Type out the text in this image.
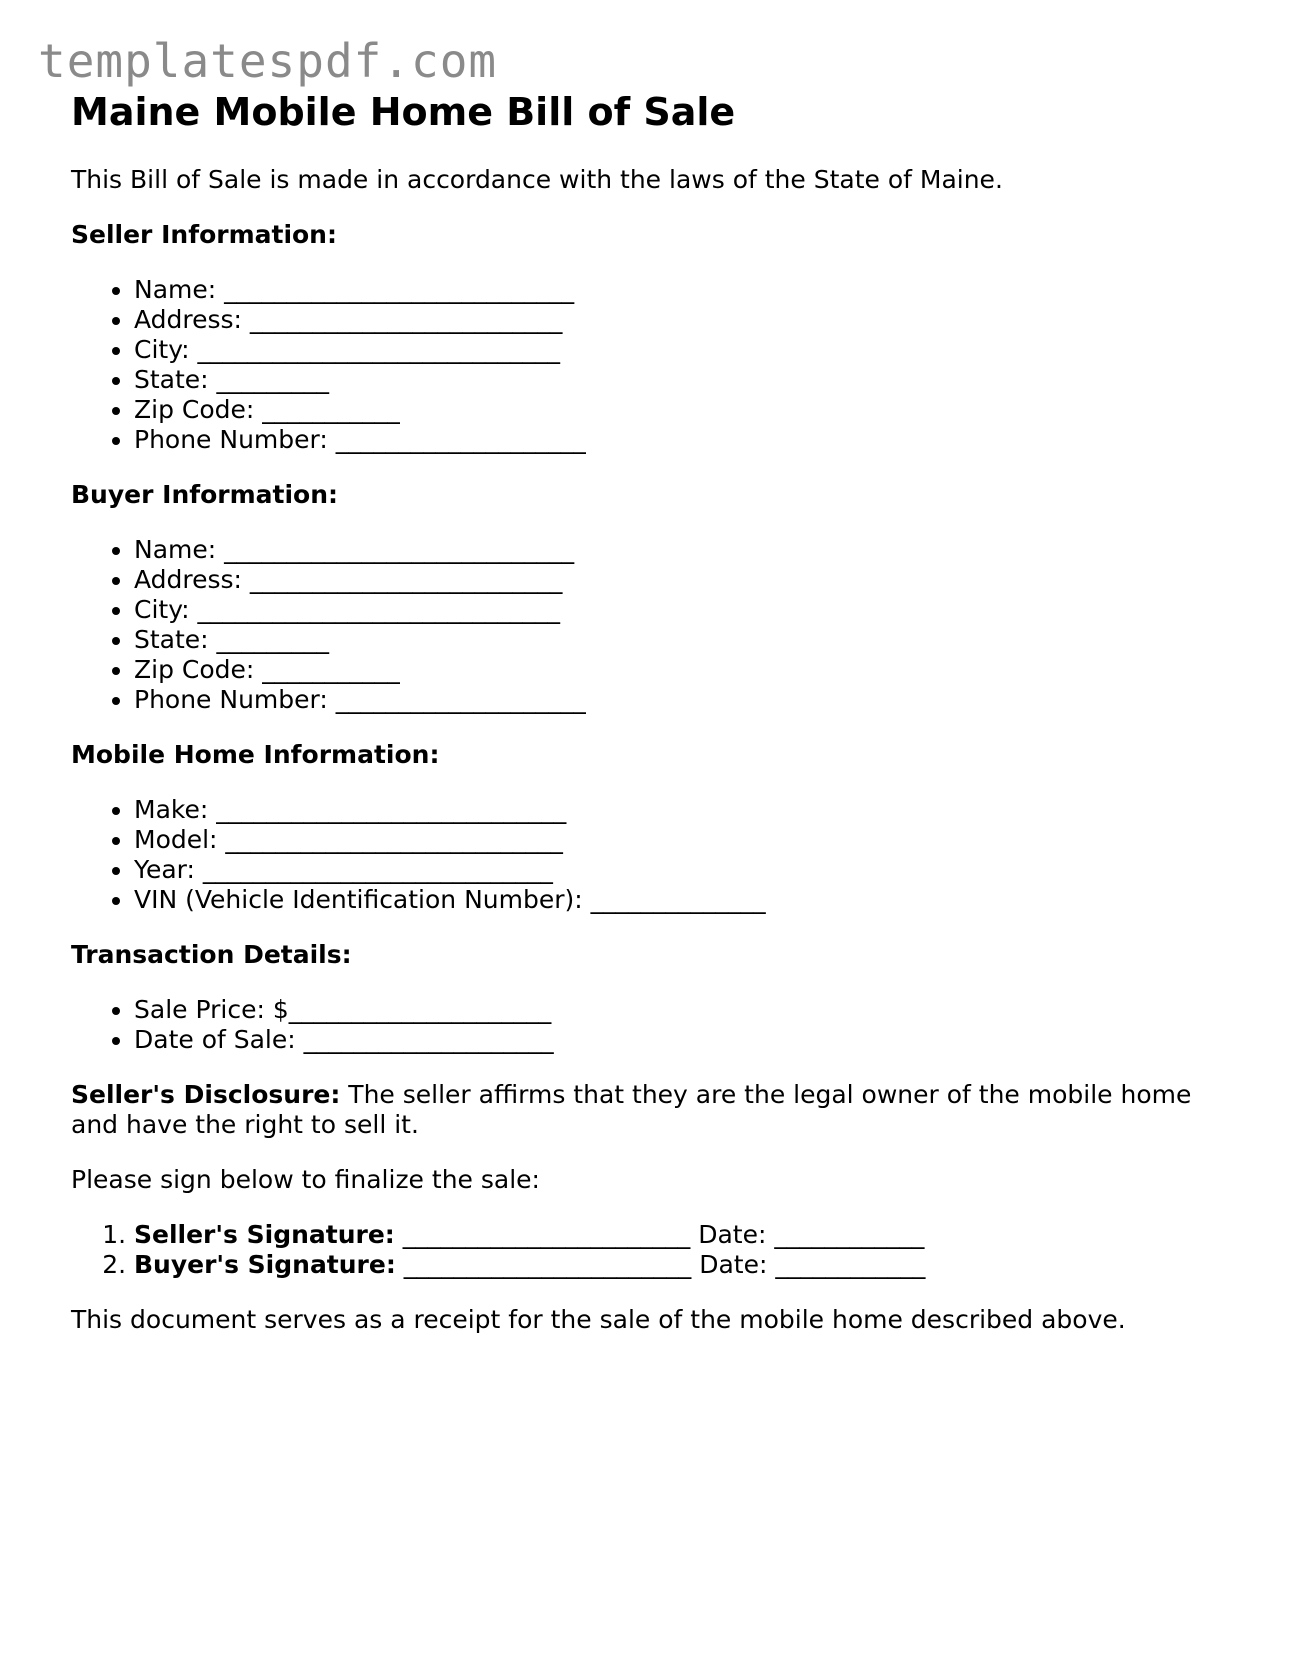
templatespdf.com
Maine Mobile Home Bill of Sale

This Bill of Sale is made in accordance with the laws of the State of Maine.

Seller Information:

• Name: ____________________________
• Address: _________________________
• City: _____________________________
• State: _________
• Zip Code: ___________
• Phone Number: ____________________

Buyer Information:

• Name: ____________________________
• Address: _________________________
• City: _____________________________
• State: _________
• Zip Code: ___________
• Phone Number: ____________________

Mobile Home Information:

• Make: ____________________________
• Model: ___________________________
• Year: ____________________________
• VIN (Vehicle Identification Number): ______________

Transaction Details:

• Sale Price: $_____________________
• Date of Sale: ____________________

Seller's Disclosure: The seller affirms that they are the legal owner of the mobile home and have the right to sell it.

Please sign below to finalize the sale:

1. Seller's Signature: _______________________ Date: ____________
2. Buyer's Signature: _______________________ Date: ____________

This document serves as a receipt for the sale of the mobile home described above.
